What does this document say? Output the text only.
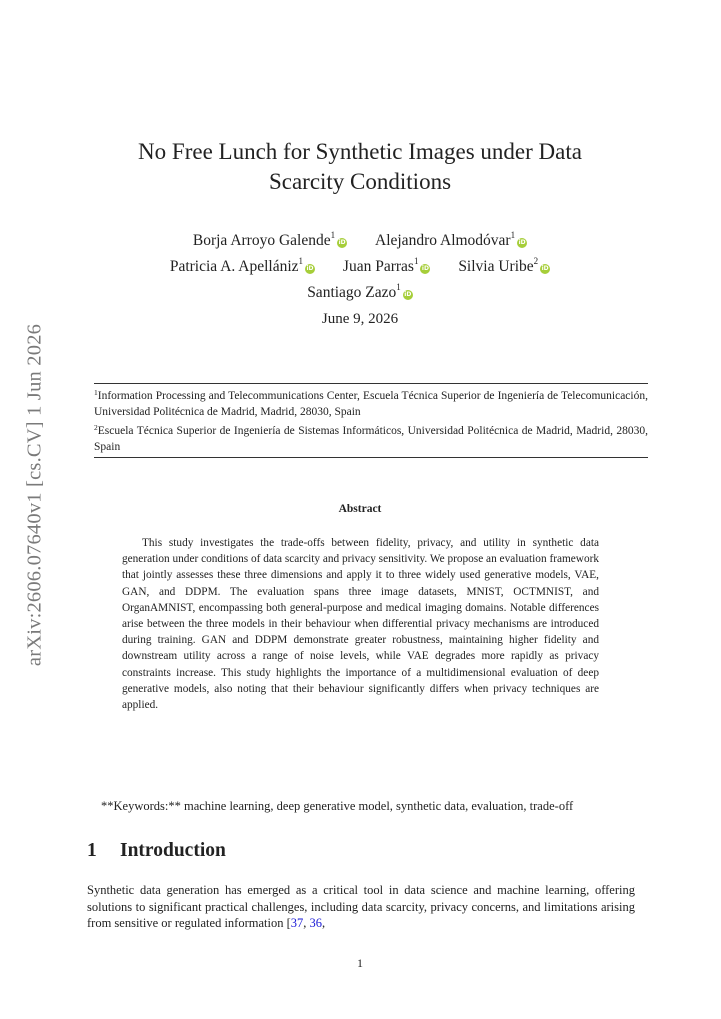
arXiv:2606.07640v1 [cs.CV] 1 Jun 2026
No Free Lunch for Synthetic Images under Data
Scarcity Conditions
Borja Arroyo Galende$^1$iD Alejandro Almodóvar$^1$iD
Patricia A. Apellániz$^1$iD Juan Parras$^1$iD Silvia Uribe$^2$iD
Santiago Zazo$^1$iD
June 9, 2026
$^1$Information Processing and Telecommunications Center, Escuela Técnica Superior de Ingeniería de Telecomunicación, Universidad Politécnica de Madrid, Madrid, 28030, Spain
$^2$Escuela Técnica Superior de Ingeniería de Sistemas Informáticos, Universidad Politécnica de Madrid, Madrid, 28030, Spain
Abstract
This study investigates the trade-offs between fidelity, privacy, and utility in synthetic data generation under conditions of data scarcity and privacy sensitivity. We propose an evaluation framework that jointly assesses these three dimensions and apply it to three widely used generative models, VAE, GAN, and DDPM. The evaluation spans three image datasets, MNIST, OCTMNIST, and OrganAMNIST, encompassing both general-purpose and medical imaging domains. Notable differences arise between the three models in their behaviour when differential privacy mechanisms are introduced during training. GAN and DDPM demonstrate greater robustness, maintaining higher fidelity and downstream utility across a range of noise levels, while VAE degrades more rapidly as privacy constraints increase. This study highlights the importance of a multidimensional evaluation of deep generative models, also noting that their behaviour significantly differs when privacy techniques are applied.
**Keywords:** machine learning, deep generative model, synthetic data, evaluation, trade-off
1 Introduction
Synthetic data generation has emerged as a critical tool in data science and machine learning, offering solutions to significant practical challenges, including data scarcity, privacy concerns, and limitations arising from sensitive or regulated information [37, 36,
1
